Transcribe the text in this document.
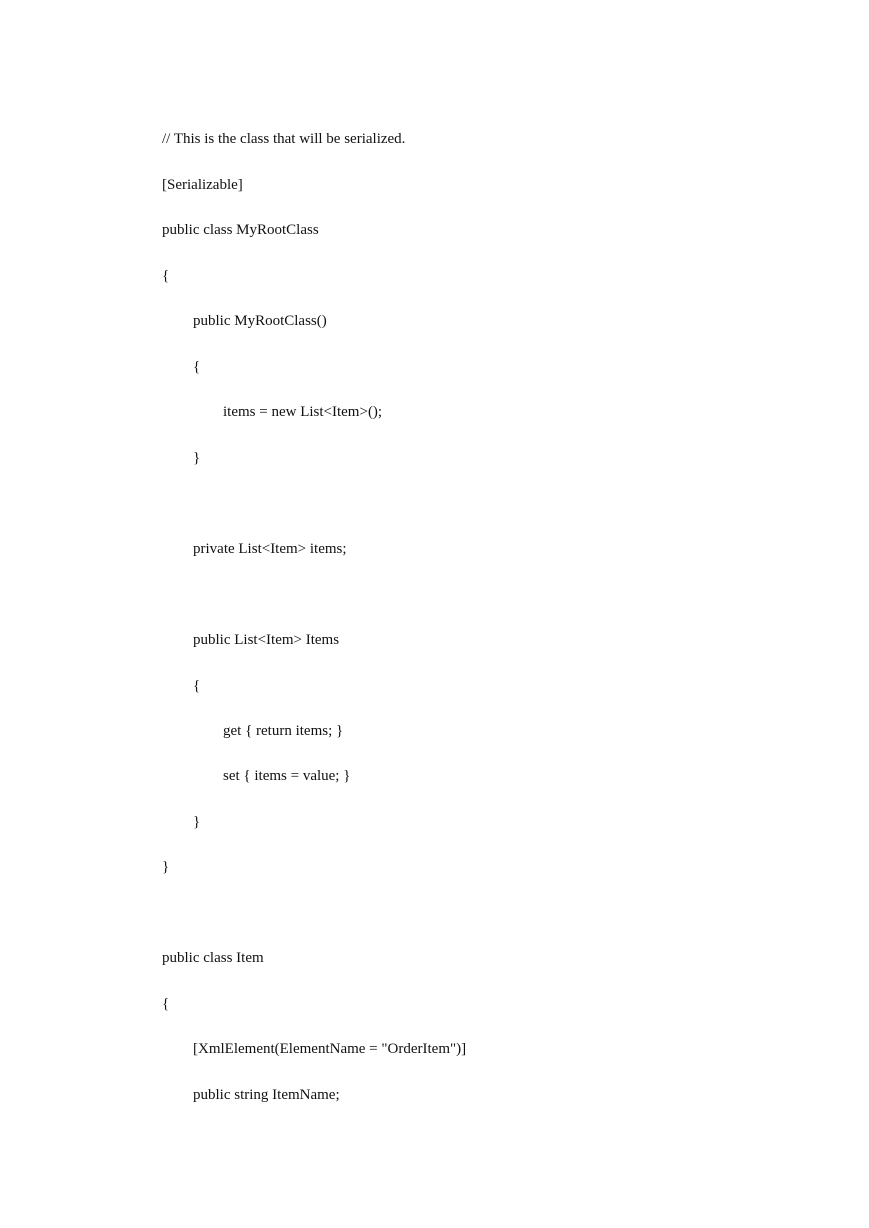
// This is the class that will be serialized.
[Serializable]
public class MyRootClass
{
public MyRootClass()
{
items = new List<Item>();
}
private List<Item> items;
public List<Item> Items
{
get { return items; }
set { items = value; }
}
}
public class Item
{
[XmlElement(ElementName = "OrderItem")]
public string ItemName;
